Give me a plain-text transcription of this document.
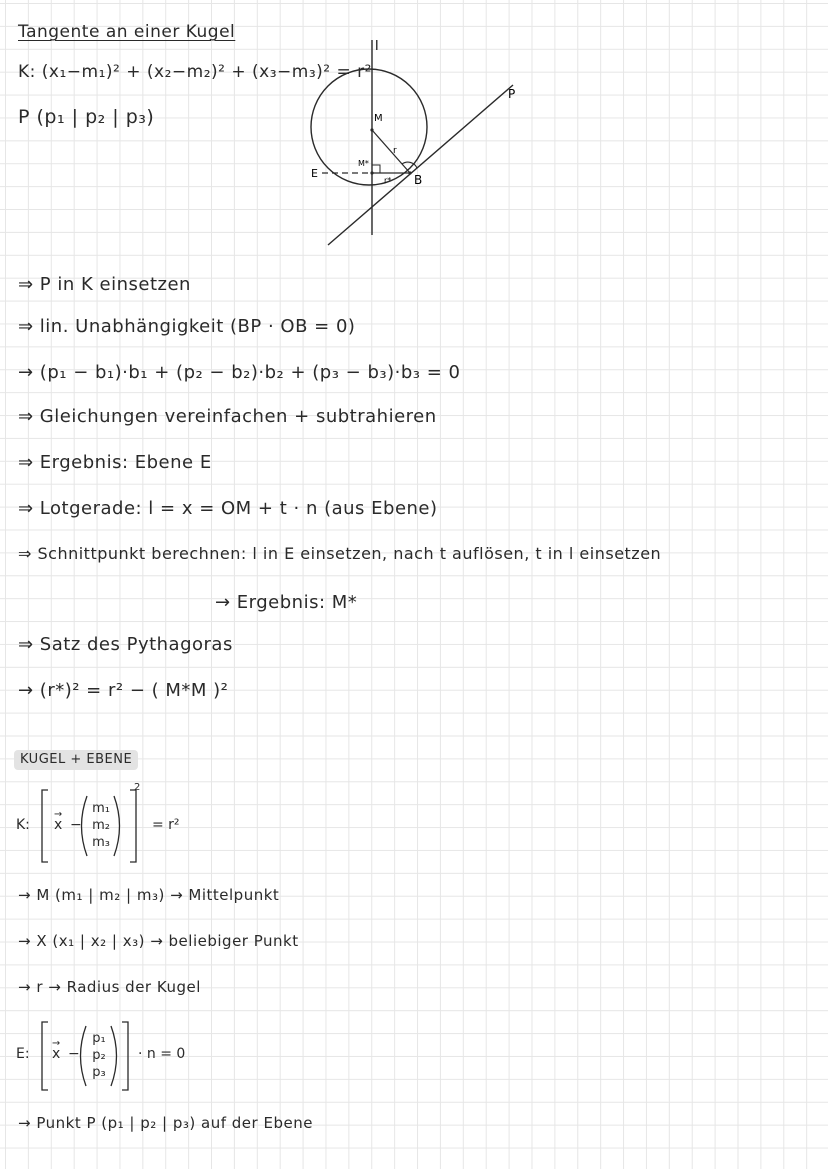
Tangente an einer Kugel
K: (x₁−m₁)² + (x₂−m₂)² + (x₃−m₃)² = r²
P (p₁ | p₂ | p₃)
l
P
M
E
M*
r
r* B
⇒ P in K einsetzen
⇒ lin. Unabhängigkeit (BP · OB = 0)
→ (p₁ − b₁)·b₁ + (p₂ − b₂)·b₂ + (p₃ − b₃)·b₃ = 0
⇒ Gleichungen vereinfachen + subtrahieren
⇒ Ergebnis: Ebene E
⇒ Lotgerade: l = x = OM + t · n (aus Ebene)
⇒ Schnittpunkt berechnen: l in E einsetzen, nach t auflösen, t in l einsetzen
→ Ergebnis: M*
⇒ Satz des Pythagoras
→ (r*)² = r² − ( M*M )²
KUGEL + EBENE
K: → x −
m₁
m₂
m₃
2
= r²
→ M (m₁ | m₂ | m₃) → Mittelpunkt
→ X (x₁ | x₂ | x₃) → beliebiger Punkt
→ r → Radius der Kugel
E: → x −
p₁
p₂
p₃
· n = 0
→ Punkt P (p₁ | p₂ | p₃) auf der Ebene
